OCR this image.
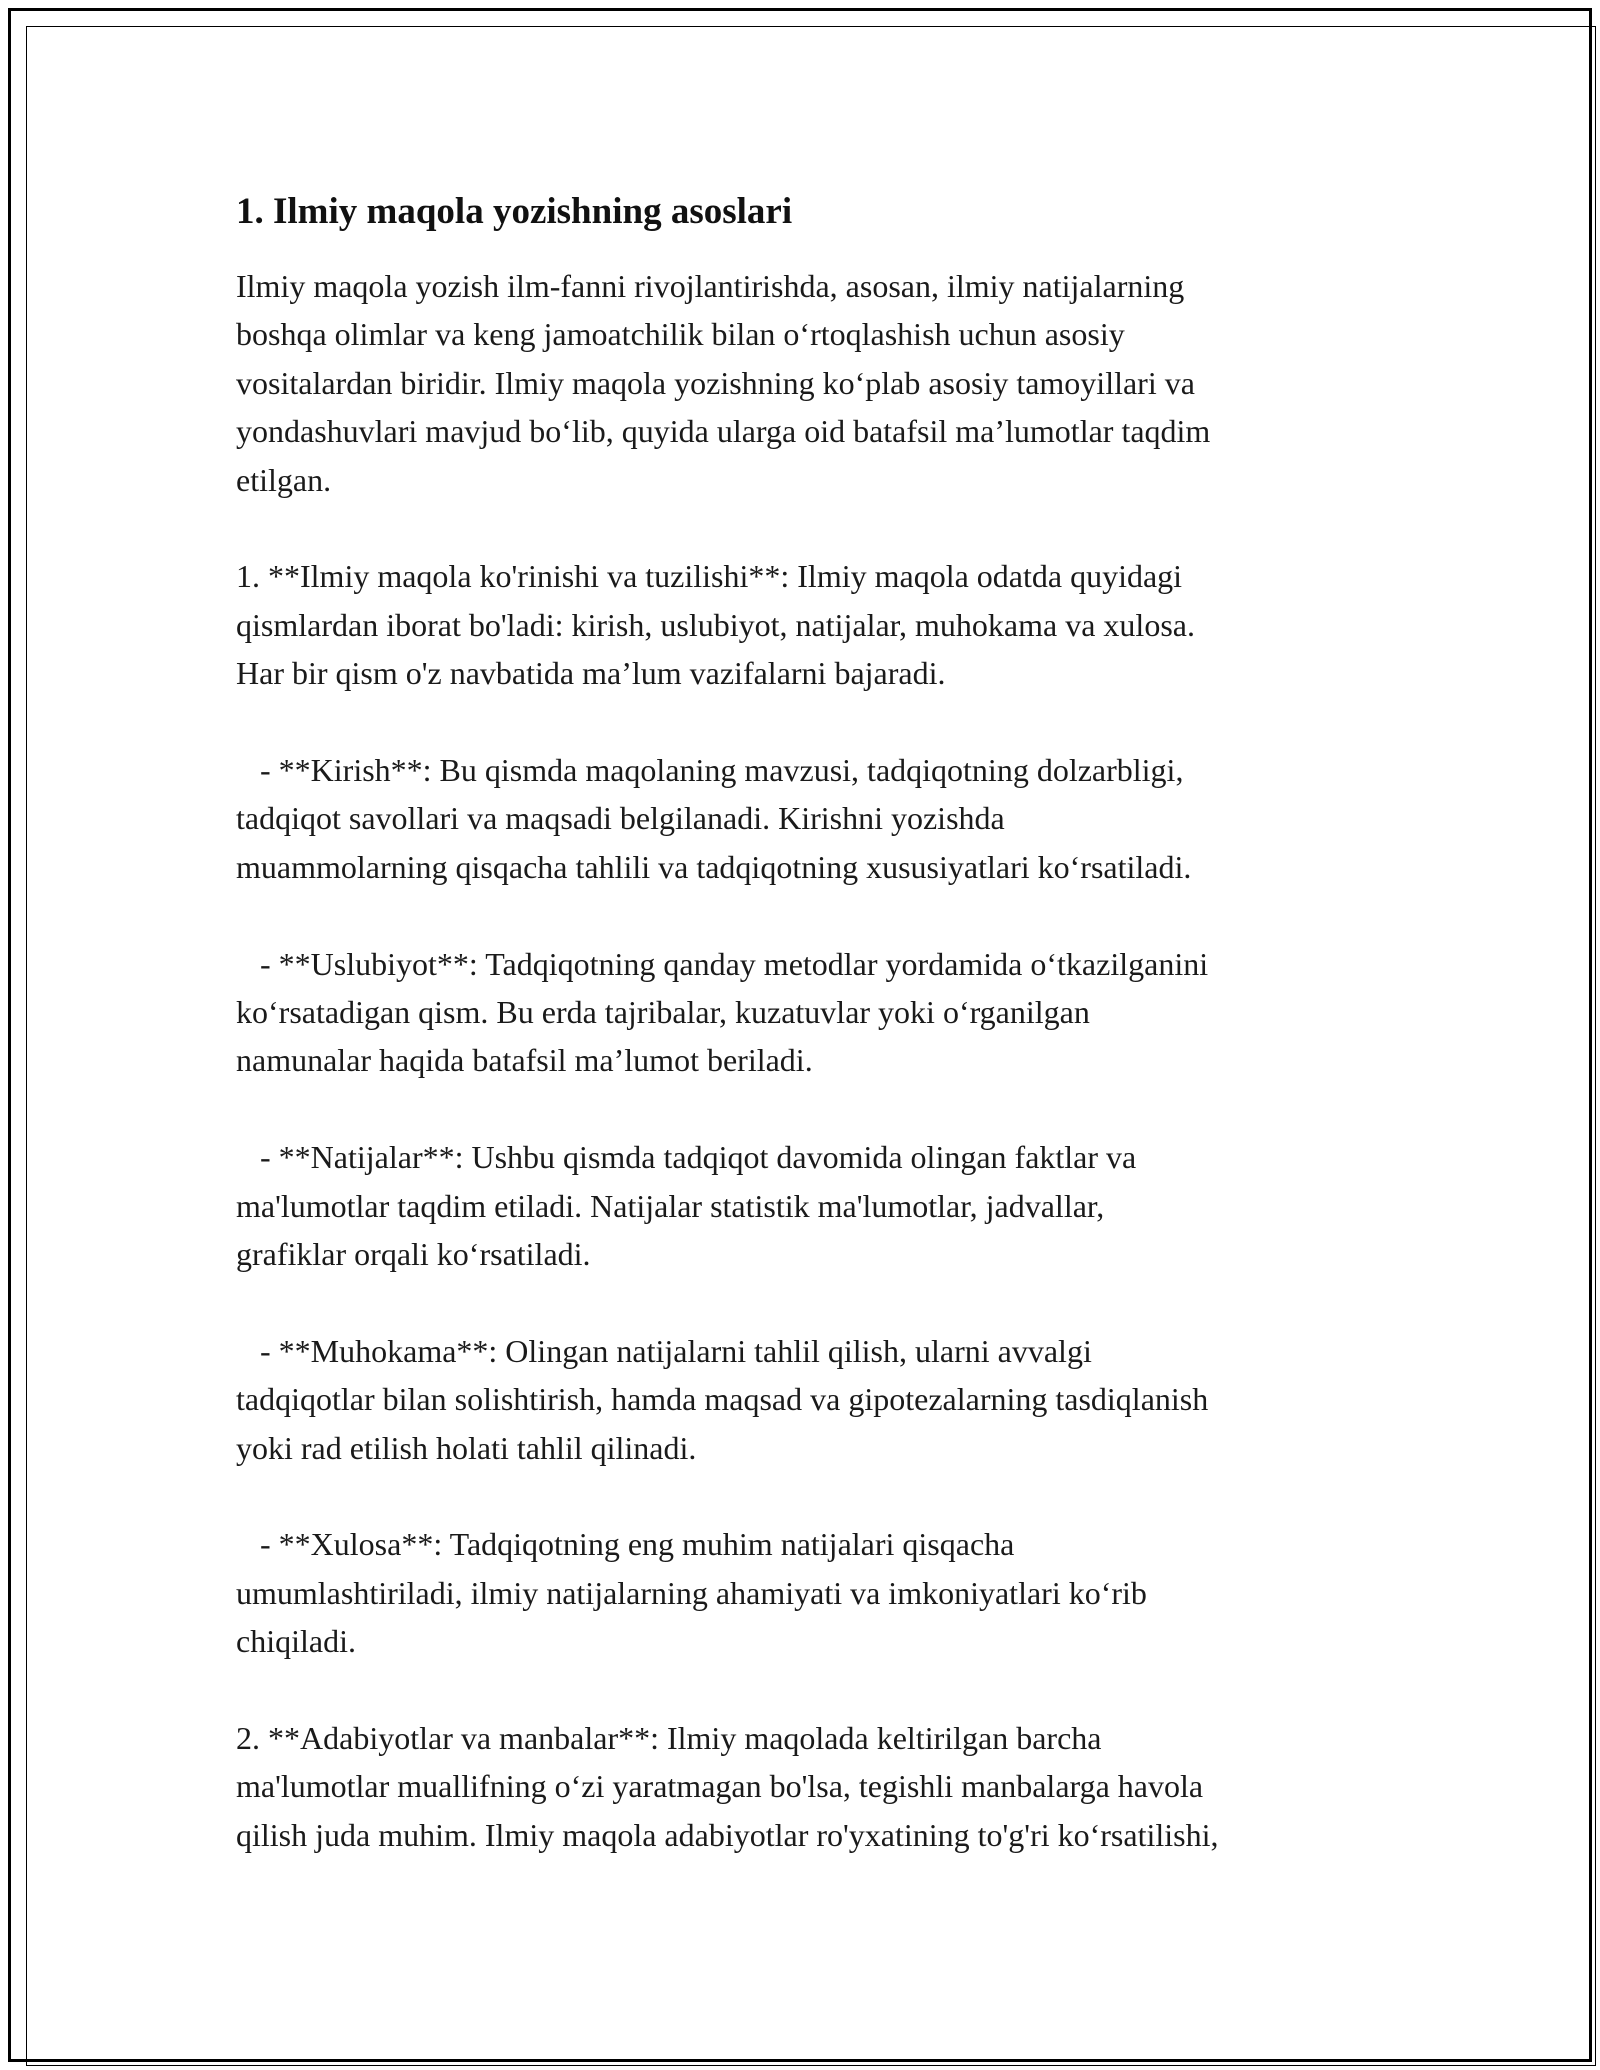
1. Ilmiy maqola yozishning asoslari
Ilmiy maqola yozish ilm-fanni rivojlantirishda, asosan, ilmiy natijalarning
boshqa olimlar va keng jamoatchilik bilan oʻrtoqlashish uchun asosiy
vositalardan biridir. Ilmiy maqola yozishning koʻplab asosiy tamoyillari va
yondashuvlari mavjud boʻlib, quyida ularga oid batafsil ma’lumotlar taqdim
etilgan.
1. **Ilmiy maqola ko'rinishi va tuzilishi**: Ilmiy maqola odatda quyidagi
qismlardan iborat bo'ladi: kirish, uslubiyot, natijalar, muhokama va xulosa.
Har bir qism o'z navbatida ma’lum vazifalarni bajaradi.
- **Kirish**: Bu qismda maqolaning mavzusi, tadqiqotning dolzarbligi,
tadqiqot savollari va maqsadi belgilanadi. Kirishni yozishda
muammolarning qisqacha tahlili va tadqiqotning xususiyatlari koʻrsatiladi.
- **Uslubiyot**: Tadqiqotning qanday metodlar yordamida oʻtkazilganini
koʻrsatadigan qism. Bu erda tajribalar, kuzatuvlar yoki oʻrganilgan
namunalar haqida batafsil ma’lumot beriladi.
- **Natijalar**: Ushbu qismda tadqiqot davomida olingan faktlar va
ma'lumotlar taqdim etiladi. Natijalar statistik ma'lumotlar, jadvallar,
grafiklar orqali koʻrsatiladi.
- **Muhokama**: Olingan natijalarni tahlil qilish, ularni avvalgi
tadqiqotlar bilan solishtirish, hamda maqsad va gipotezalarning tasdiqlanish
yoki rad etilish holati tahlil qilinadi.
- **Xulosa**: Tadqiqotning eng muhim natijalari qisqacha
umumlashtiriladi, ilmiy natijalarning ahamiyati va imkoniyatlari koʻrib
chiqiladi.
2. **Adabiyotlar va manbalar**: Ilmiy maqolada keltirilgan barcha
ma'lumotlar muallifning oʻzi yaratmagan bo'lsa, tegishli manbalarga havola
qilish juda muhim. Ilmiy maqola adabiyotlar ro'yxatining to'g'ri koʻrsatilishi,
